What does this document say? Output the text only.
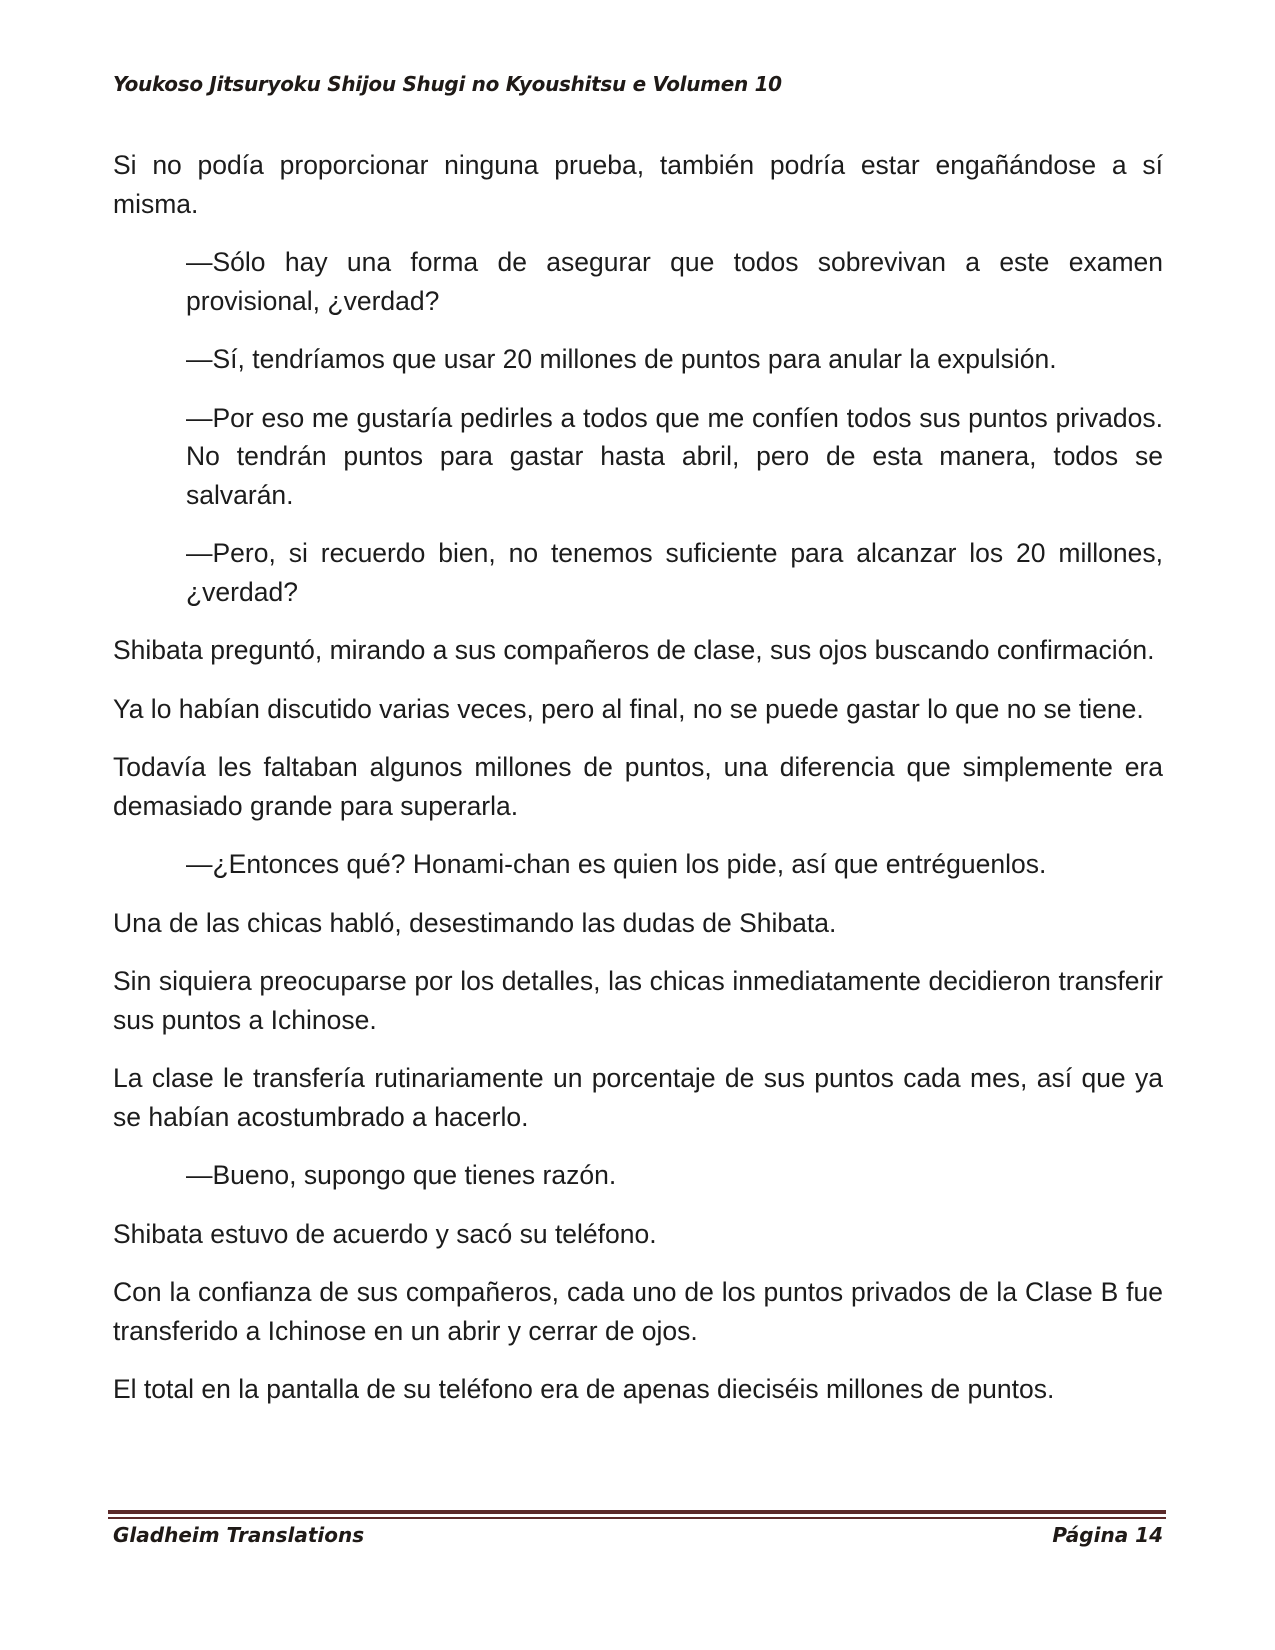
Youkoso Jitsuryoku Shijou Shugi no Kyoushitsu e Volumen 10

Si no podía proporcionar ninguna prueba, también podría estar engañándose a sí misma.

—Sólo hay una forma de asegurar que todos sobrevivan a este examen provisional, ¿verdad?

—Sí, tendríamos que usar 20 millones de puntos para anular la expulsión.

—Por eso me gustaría pedirles a todos que me confíen todos sus puntos privados. No tendrán puntos para gastar hasta abril, pero de esta manera, todos se salvarán.

—Pero, si recuerdo bien, no tenemos suficiente para alcanzar los 20 millones, ¿verdad?

Shibata preguntó, mirando a sus compañeros de clase, sus ojos buscando confirmación.

Ya lo habían discutido varias veces, pero al final, no se puede gastar lo que no se tiene.

Todavía les faltaban algunos millones de puntos, una diferencia que simplemente era demasiado grande para superarla.

—¿Entonces qué? Honami-chan es quien los pide, así que entréguenlos.

Una de las chicas habló, desestimando las dudas de Shibata.

Sin siquiera preocuparse por los detalles, las chicas inmediatamente decidieron transferir sus puntos a Ichinose.

La clase le transfería rutinariamente un porcentaje de sus puntos cada mes, así que ya se habían acostumbrado a hacerlo.

—Bueno, supongo que tienes razón.

Shibata estuvo de acuerdo y sacó su teléfono.

Con la confianza de sus compañeros, cada uno de los puntos privados de la Clase B fue transferido a Ichinose en un abrir y cerrar de ojos.

El total en la pantalla de su teléfono era de apenas dieciséis millones de puntos.

Gladheim Translations	Página 14
